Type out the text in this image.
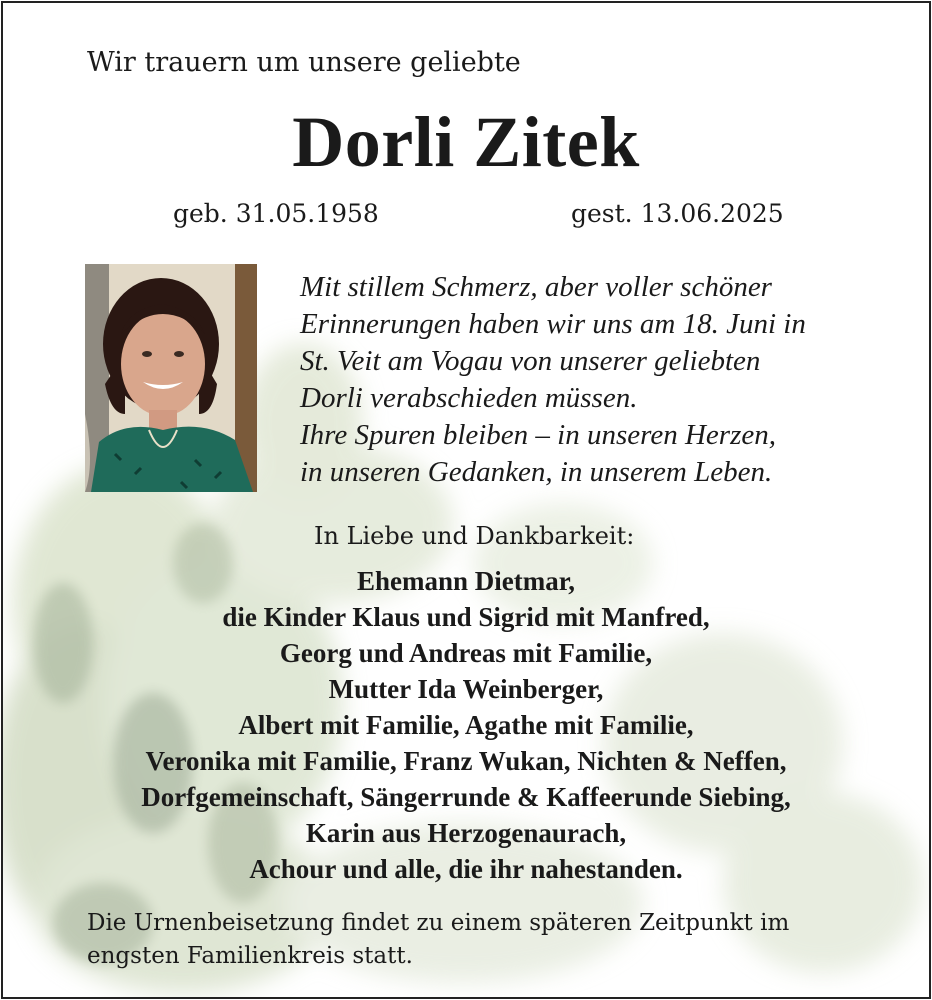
Wir trauern um unsere geliebte
Dorli Zitek
geb. 31.05.1958	gest. 13.06.2025
Mit stillem Schmerz, aber voller schöner
Erinnerungen haben wir uns am 18. Juni in
St. Veit am Vogau von unserer geliebten
Dorli verabschieden müssen.
Ihre Spuren bleiben – in unseren Herzen,
in unseren Gedanken, in unserem Leben.
In Liebe und Dankbarkeit:
Ehemann Dietmar,
die Kinder Klaus und Sigrid mit Manfred,
Georg und Andreas mit Familie,
Mutter Ida Weinberger,
Albert mit Familie, Agathe mit Familie,
Veronika mit Familie, Franz Wukan, Nichten & Neffen,
Dorfgemeinschaft, Sängerrunde & Kaffeerunde Siebing,
Karin aus Herzogenaurach,
Achour und alle, die ihr nahestanden.
Die Urnenbeisetzung findet zu einem späteren Zeitpunkt im
engsten Familienkreis statt.
